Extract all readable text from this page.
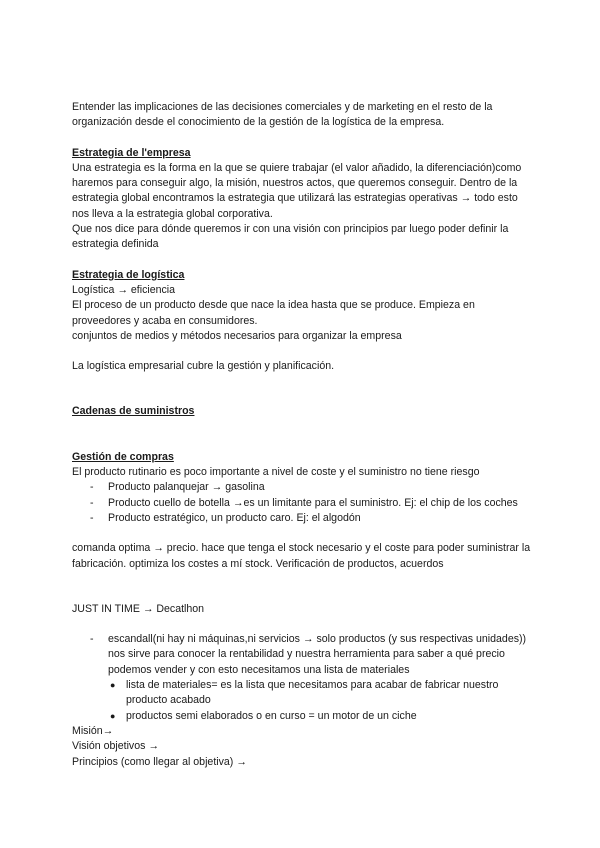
Entender las implicaciones de las decisiones comerciales y de marketing en el resto de la organización desde el conocimiento de la gestión de la logística de la empresa.

Estrategia de l'empresa

Una estrategia es la forma en la que se quiere trabajar (el valor añadido, la diferenciación)como haremos para conseguir algo, la misión, nuestros actos, que queremos conseguir. Dentro de la estrategia global encontramos la estrategia que utilizará las estrategias operativas → todo esto nos lleva a la estrategia global corporativa.

Que nos dice para dónde queremos ir con una visión con principios par luego poder definir la estrategia definida

Estrategia de logística

Logística → eficiencia

El proceso de un producto desde que nace la idea hasta que se produce. Empieza en proveedores y acaba en consumidores.

conjuntos de medios y métodos necesarios para organizar la empresa

La logística empresarial cubre la gestión y planificación.

Cadenas de suministros

Gestión de compras

El producto rutinario es poco importante a nivel de coste y el suministro no tiene riesgo

- Producto palanquejar → gasolina
- Producto cuello de botella →es un limitante para el suministro. Ej: el chip de los coches
- Producto estratégico, un producto caro. Ej: el algodón

comanda optima → precio. hace que tenga el stock necesario y el coste para poder suministrar la fabricación. optimiza los costes a mí stock. Verificación de productos, acuerdos

JUST IN TIME → Decatlhon

- escandall(ni hay ni máquinas,ni servicios → solo productos (y sus respectivas unidades)) nos sirve para conocer la rentabilidad y nuestra herramienta para saber a qué precio podemos vender y con esto necesitamos una lista de materiales
● lista de materiales= es la lista que necesitamos para acabar de fabricar nuestro producto acabado
● productos semi elaborados o en curso = un motor de un ciche

Misión→

Visión objetivos →

Principios (como llegar al objetiva) →
